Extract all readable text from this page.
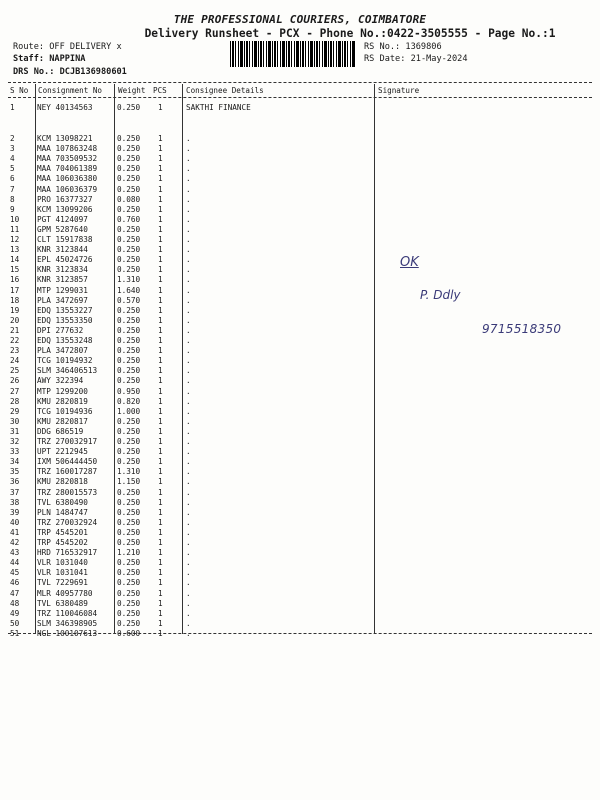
THE PROFESSIONAL COURIERS, COIMBATORE
Delivery Runsheet - PCX - Phone No.:0422-3505555 - Page No.:1
Route: OFF DELIVERY x
Staff: NAPPINA
DRS No.: DCJB136980601
RS No.: 1369806
RS Date: 21-May-2024
S No Consignment No Weight PCS	Consignee Details	Signature
1	NEY 40134563	0.250 1	SAKTHI FINANCE
2	KCM 13098221	0.250 1	.
3	MAA 107863248	0.250 1	.
4	MAA 703509532	0.250 1	.
5	MAA 704061389	0.250 1	.
6	MAA 106036380	0.250 1	.
7	MAA 106036379	0.250 1	.
8	PRO 16377327	0.080 1	.
9	KCM 13099206	0.250 1	.
10 PGT 4124097	0.760 1	.
11 GPM 5287640	0.250 1	.
12 CLT 15917838	0.250 1	.
13 KNR 3123844	0.250 1	.
14 EPL 45024726	0.250 1	.
15 KNR 3123834	0.250 1	.
16 KNR 3123857	1.310 1	.
17 MTP 1299031	1.640 1	.
18 PLA 3472697	0.570 1	.
19 EDQ 13553227	0.250 1	.
20 EDQ 13553350	0.250 1	.
21 DPI 277632	0.250 1	.
22 EDQ 13553248	0.250 1	.
23 PLA 3472807	0.250 1	.
24 TCG 10194932	0.250 1	.
25 SLM 346406513	0.250 1	.
26 AWY 322394	0.250 1	.
27 MTP 1299200	0.950 1	.
28 KMU 2820819	0.820 1	.
29 TCG 10194936	1.000 1	.
30 KMU 2820817	0.250 1	.
31 DDG 686519	0.250 1	.
32 TRZ 270032917	0.250 1	.
33 UPT 2212945	0.250 1	.
34 IXM 506444450	0.250 1	.
35 TRZ 160017287	1.310 1	.
36 KMU 2820818	1.150 1	.
37 TRZ 280015573	0.250 1	.
38 TVL 6380490	0.250 1	.
39 PLN 1484747	0.250 1	.
40 TRZ 270032924	0.250 1	.
41 TRP 4545201	0.250 1	.
42 TRP 4545202	0.250 1	.
43 HRD 716532917	1.210 1	.
44 VLR 1031040	0.250 1	.
45 VLR 1031041	0.250 1	.
46 TVL 7229691	0.250 1	.
47 MLR 40957780	0.250 1	.
48 TVL 6380489	0.250 1	.
49 TRZ 110046084	0.250 1	.
50 SLM 346398905	0.250 1	.
51 NGL 100107613	0.600 1	.
OK
P. Ddly
9715518350
